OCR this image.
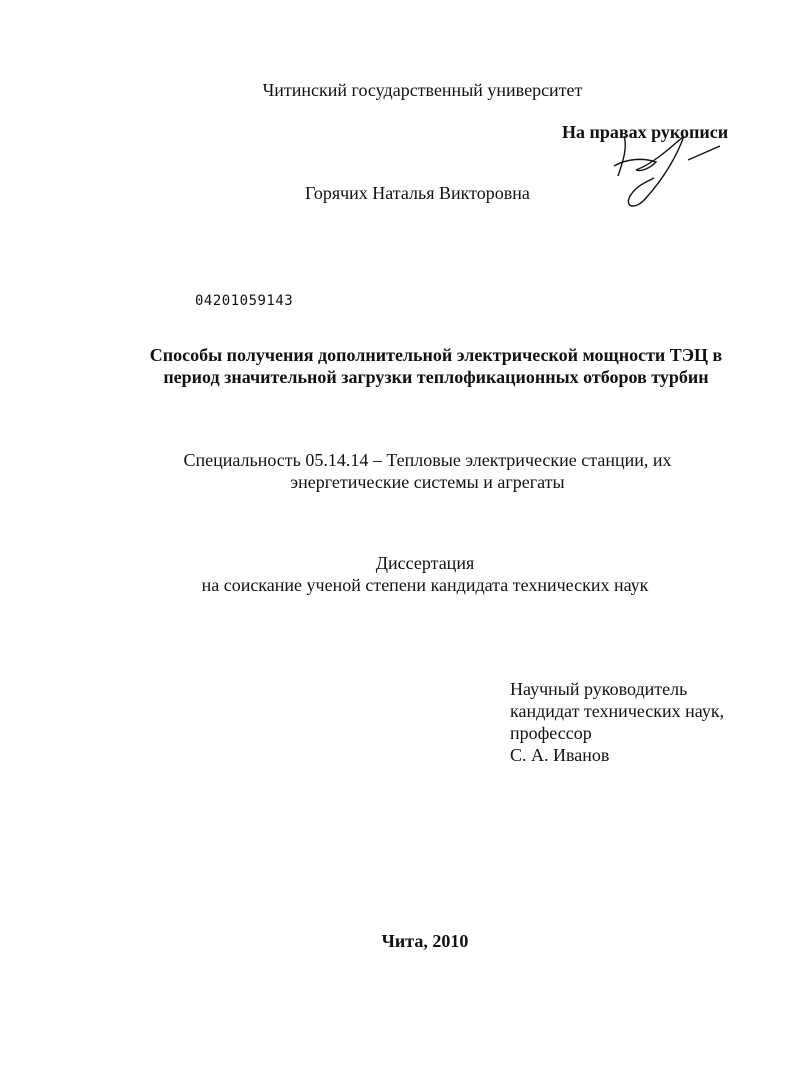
Читинский государственный университет
На правах рукописи
Горячих Наталья Викторовна
04201059143
Способы получения дополнительной электрической мощности ТЭЦ в
период значительной загрузки теплофикационных отборов турбин
Специальность 05.14.14 – Тепловые электрические станции, их
энергетические системы и агрегаты
Диссертация
на соискание ученой степени кандидата технических наук
Научный руководитель
кандидат технических наук,
профессор
С. А. Иванов
Чита, 2010
